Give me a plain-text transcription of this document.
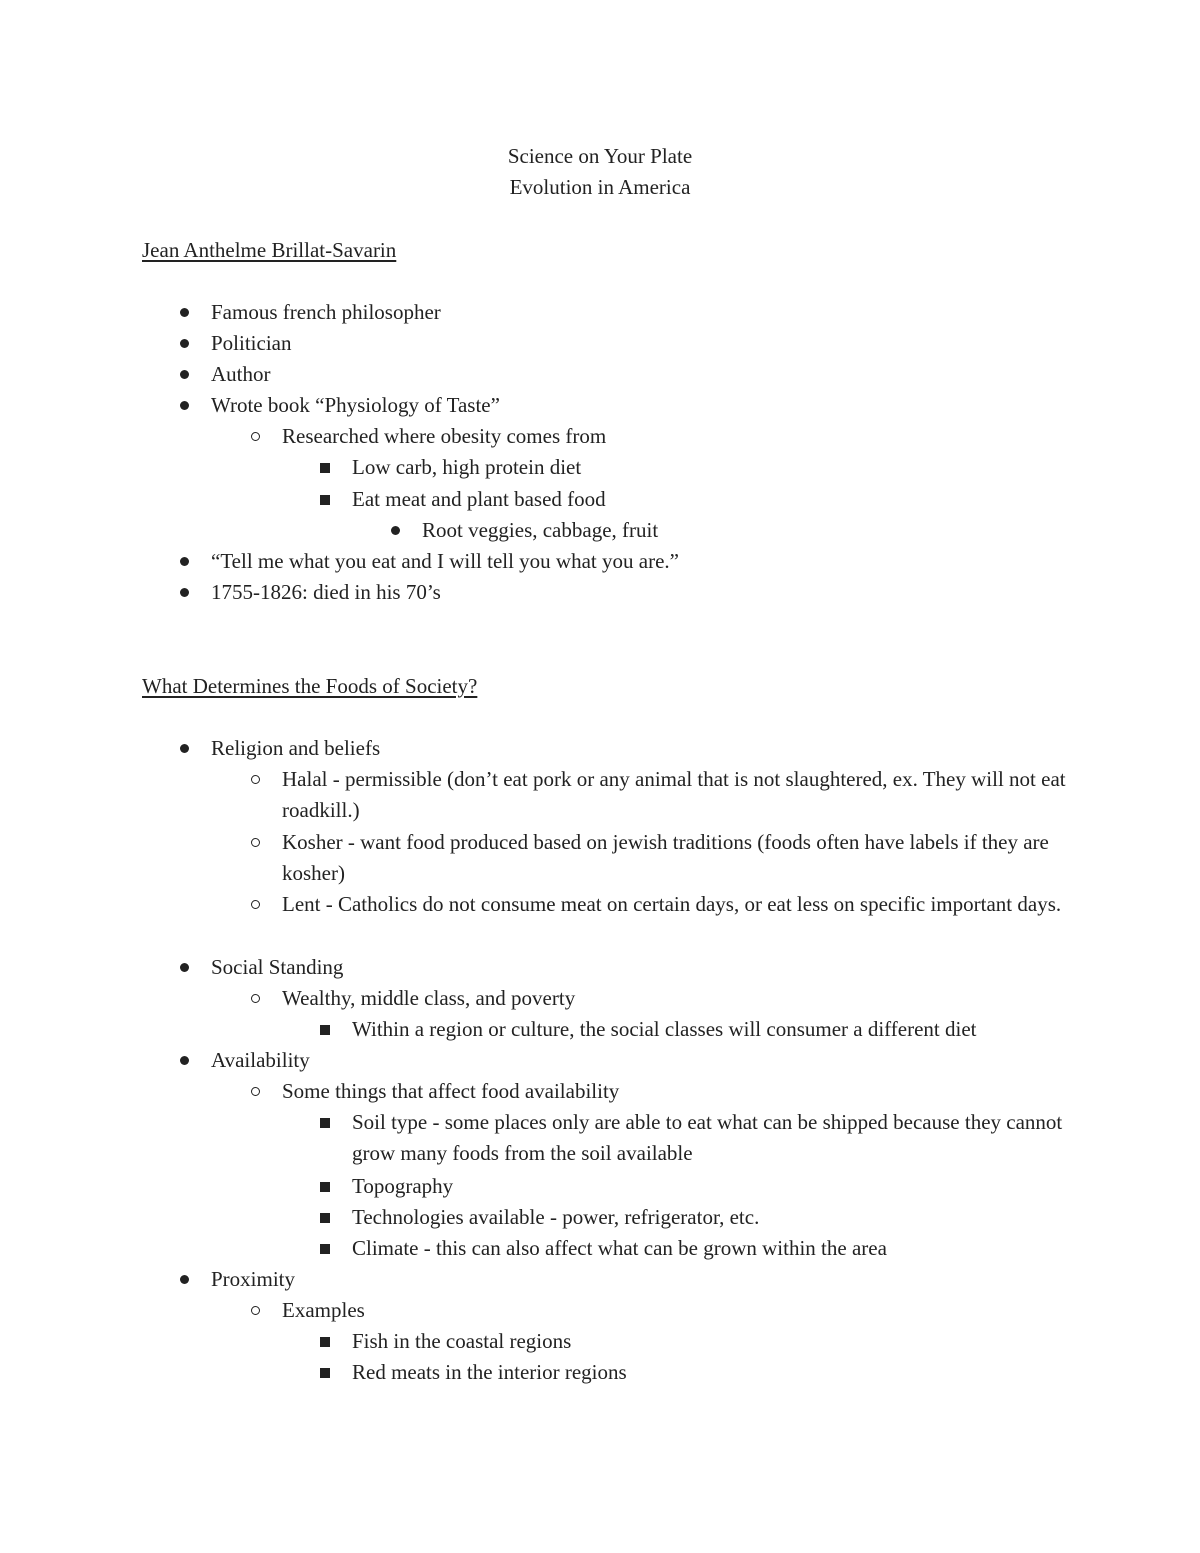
Science on Your Plate
Evolution in America
Jean Anthelme Brillat-Savarin
Famous french philosopher
Politician
Author
Wrote book “Physiology of Taste”
Researched where obesity comes from
Low carb, high protein diet
Eat meat and plant based food
Root veggies, cabbage, fruit
“Tell me what you eat and I will tell you what you are.”
1755-1826: died in his 70’s
What Determines the Foods of Society?
Religion and beliefs
Halal - permissible (don’t eat pork or any animal that is not slaughtered, ex. They will not eat roadkill.)
Kosher - want food produced based on jewish traditions (foods often have labels if they are kosher)
Lent - Catholics do not consume meat on certain days, or eat less on specific important days.
Social Standing
Wealthy, middle class, and poverty
Within a region or culture, the social classes will consumer a different diet
Availability
Some things that affect food availability
Soil type - some places only are able to eat what can be shipped because they cannot grow many foods from the soil available
Topography
Technologies available - power, refrigerator, etc.
Climate - this can also affect what can be grown within the area
Proximity
Examples
Fish in the coastal regions
Red meats in the interior regions
